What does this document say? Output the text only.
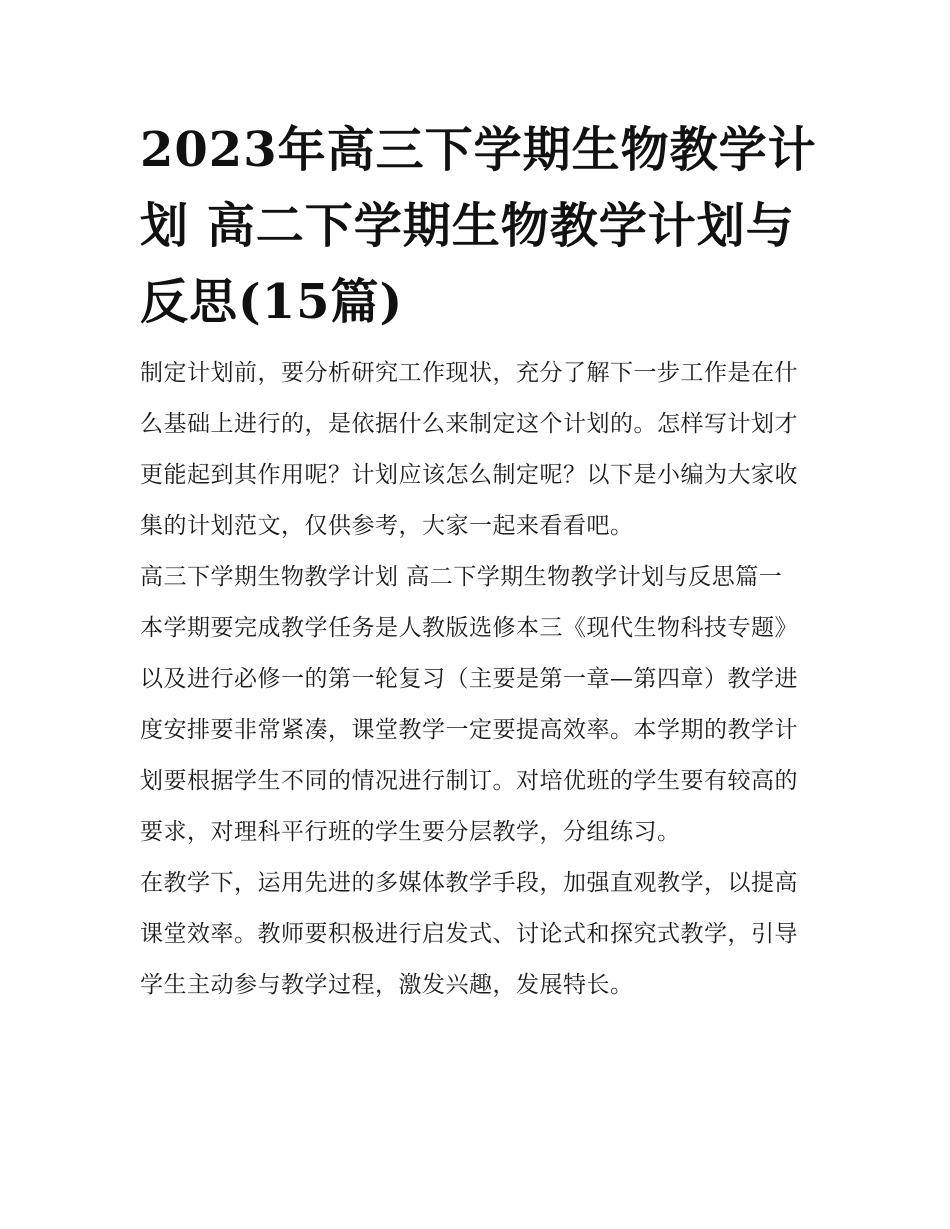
2023年高三下学期生物教学计划 高二下学期生物教学计划与反思(15篇)

制定计划前，要分析研究工作现状，充分了解下一步工作是在什么基础上进行的，是依据什么来制定这个计划的。怎样写计划才更能起到其作用呢？计划应该怎么制定呢？以下是小编为大家收集的计划范文，仅供参考，大家一起来看看吧。

高三下学期生物教学计划 高二下学期生物教学计划与反思篇一

本学期要完成教学任务是人教版选修本三《现代生物科技专题》以及进行必修一的第一轮复习（主要是第一章—第四章）教学进度安排要非常紧凑，课堂教学一定要提高效率。本学期的教学计划要根据学生不同的情况进行制订。对培优班的学生要有较高的要求，对理科平行班的学生要分层教学，分组练习。

在教学下，运用先进的多媒体教学手段，加强直观教学，以提高课堂效率。教师要积极进行启发式、讨论式和探究式教学，引导学生主动参与教学过程，激发兴趣，发展特长。
